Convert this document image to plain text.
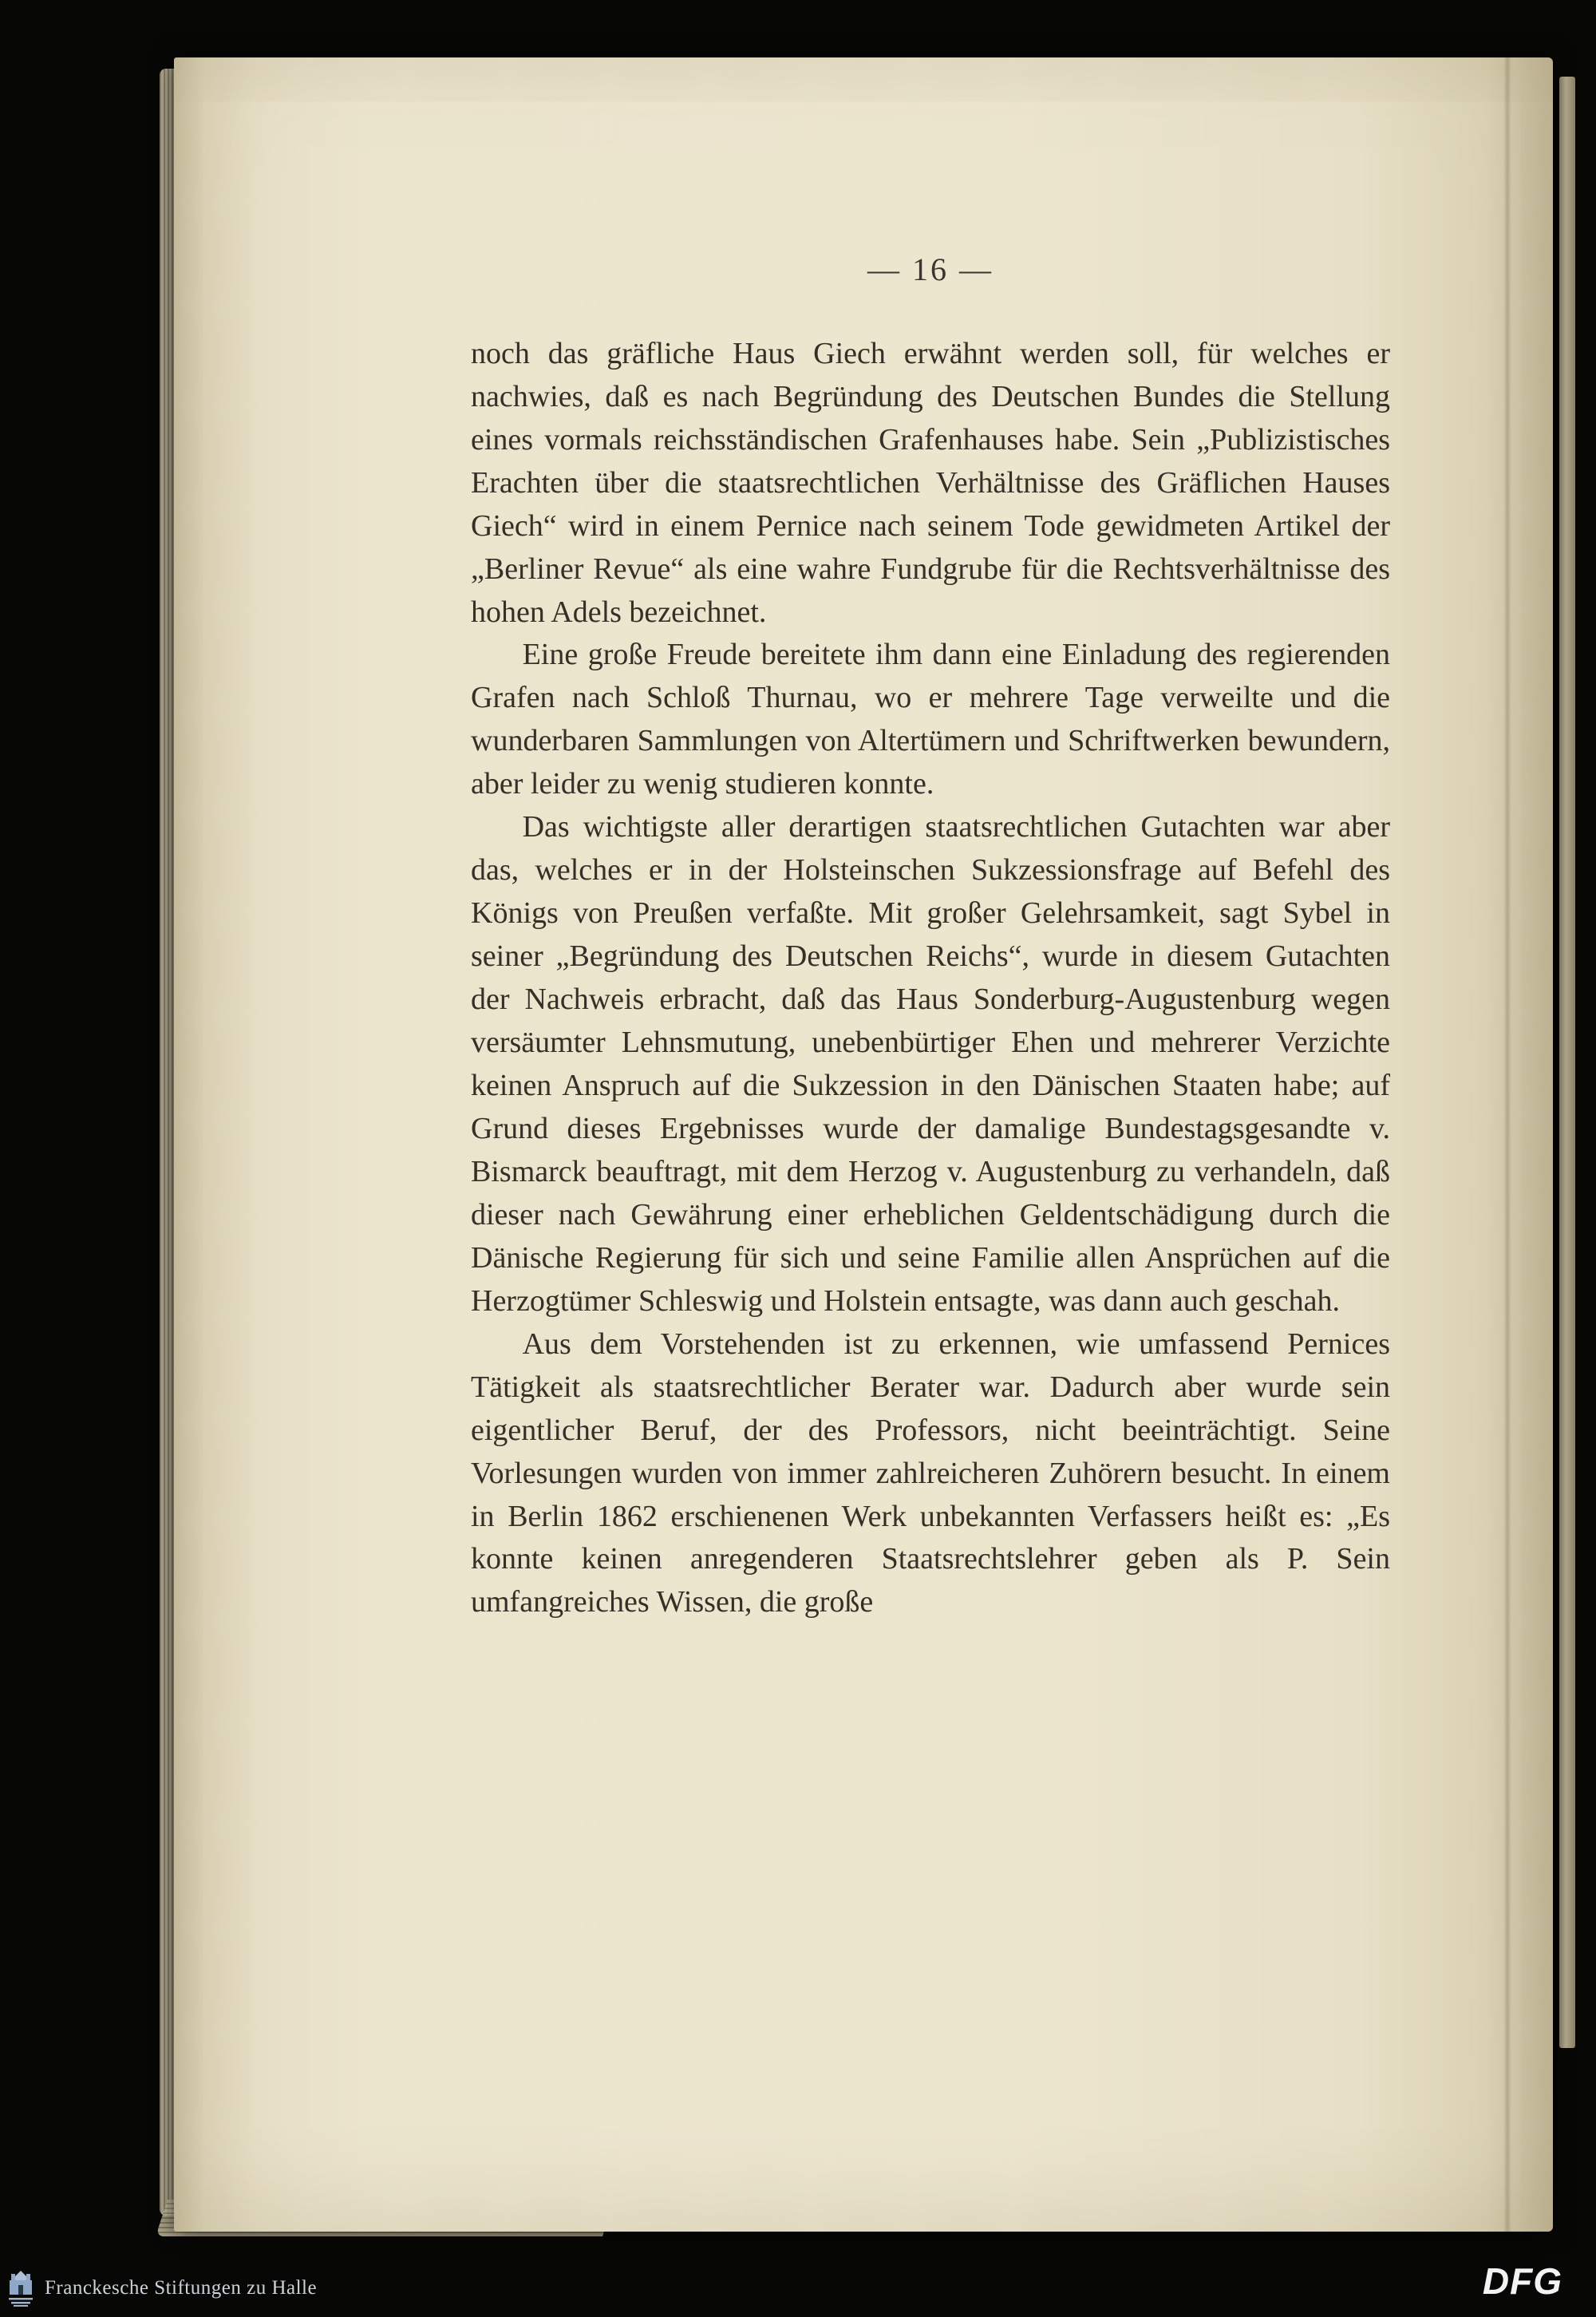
— 16 —

noch das gräfliche Haus Giech erwähnt werden soll, für welches er nachwies, daß es nach Begründung des Deutschen Bundes die Stellung eines vormals reichsständischen Grafenhauses habe. Sein „Publizistisches Erachten über die staatsrechtlichen Verhältnisse des Gräflichen Hauses Giech“ wird in einem Pernice nach seinem Tode gewidmeten Artikel der „Berliner Revue“ als eine wahre Fundgrube für die Rechtsverhältnisse des hohen Adels bezeichnet.

Eine große Freude bereitete ihm dann eine Einladung des regierenden Grafen nach Schloß Thurnau, wo er mehrere Tage verweilte und die wunderbaren Sammlungen von Altertümern und Schriftwerken bewundern, aber leider zu wenig studieren konnte.

Das wichtigste aller derartigen staatsrechtlichen Gutachten war aber das, welches er in der Holsteinschen Sukzessionsfrage auf Befehl des Königs von Preußen verfaßte. Mit großer Gelehrsamkeit, sagt Sybel in seiner „Begründung des Deutschen Reichs“, wurde in diesem Gutachten der Nachweis erbracht, daß das Haus Sonderburg-Augustenburg wegen versäumter Lehnsmutung, unebenbürtiger Ehen und mehrerer Verzichte keinen Anspruch auf die Sukzession in den Dänischen Staaten habe; auf Grund dieses Ergebnisses wurde der damalige Bundestagsgesandte v. Bismarck beauftragt, mit dem Herzog v. Augustenburg zu verhandeln, daß dieser nach Gewährung einer erheblichen Geldentschädigung durch die Dänische Regierung für sich und seine Familie allen Ansprüchen auf die Herzogtümer Schleswig und Holstein entsagte, was dann auch geschah.

Aus dem Vorstehenden ist zu erkennen, wie umfassend Pernices Tätigkeit als staatsrechtlicher Berater war. Dadurch aber wurde sein eigentlicher Beruf, der des Professors, nicht beeinträchtigt. Seine Vorlesungen wurden von immer zahlreicheren Zuhörern besucht. In einem in Berlin 1862 erschienenen Werk unbekannten Verfassers heißt es: „Es konnte keinen anregenderen Staatsrechtslehrer geben als P. Sein umfangreiches Wissen, die große

Franckesche Stiftungen zu Halle	DFG
